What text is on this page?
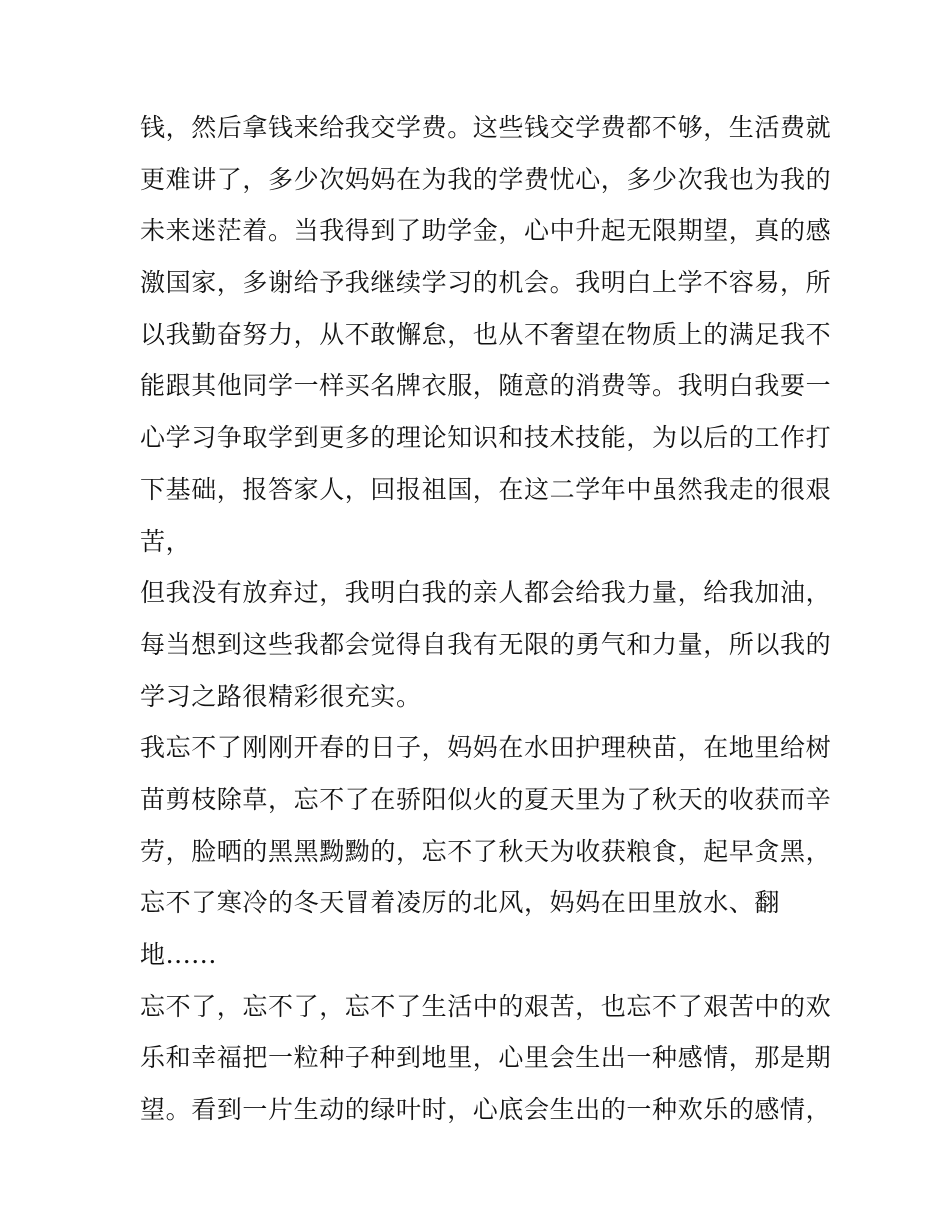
钱，然后拿钱来给我交学费。这些钱交学费都不够，生活费就
更难讲了，多少次妈妈在为我的学费忧心，多少次我也为我的
未来迷茫着。当我得到了助学金，心中升起无限期望，真的感
激国家，多谢给予我继续学习的机会。我明白上学不容易，所
以我勤奋努力，从不敢懈怠，也从不奢望在物质上的满足我不
能跟其他同学一样买名牌衣服，随意的消费等。我明白我要一
心学习争取学到更多的理论知识和技术技能，为以后的工作打
下基础，报答家人，回报祖国，在这二学年中虽然我走的很艰
苦，
但我没有放弃过，我明白我的亲人都会给我力量，给我加油，
每当想到这些我都会觉得自我有无限的勇气和力量，所以我的
学习之路很精彩很充实。
我忘不了刚刚开春的日子，妈妈在水田护理秧苗，在地里给树
苗剪枝除草，忘不了在骄阳似火的夏天里为了秋天的收获而辛
劳，脸晒的黑黑黝黝的，忘不了秋天为收获粮食，起早贪黑，
忘不了寒冷的冬天冒着凌厉的北风，妈妈在田里放水、翻
地......
忘不了，忘不了，忘不了生活中的艰苦，也忘不了艰苦中的欢
乐和幸福把一粒种子种到地里，心里会生出一种感情，那是期
望。看到一片生动的绿叶时，心底会生出的一种欢乐的感情，
